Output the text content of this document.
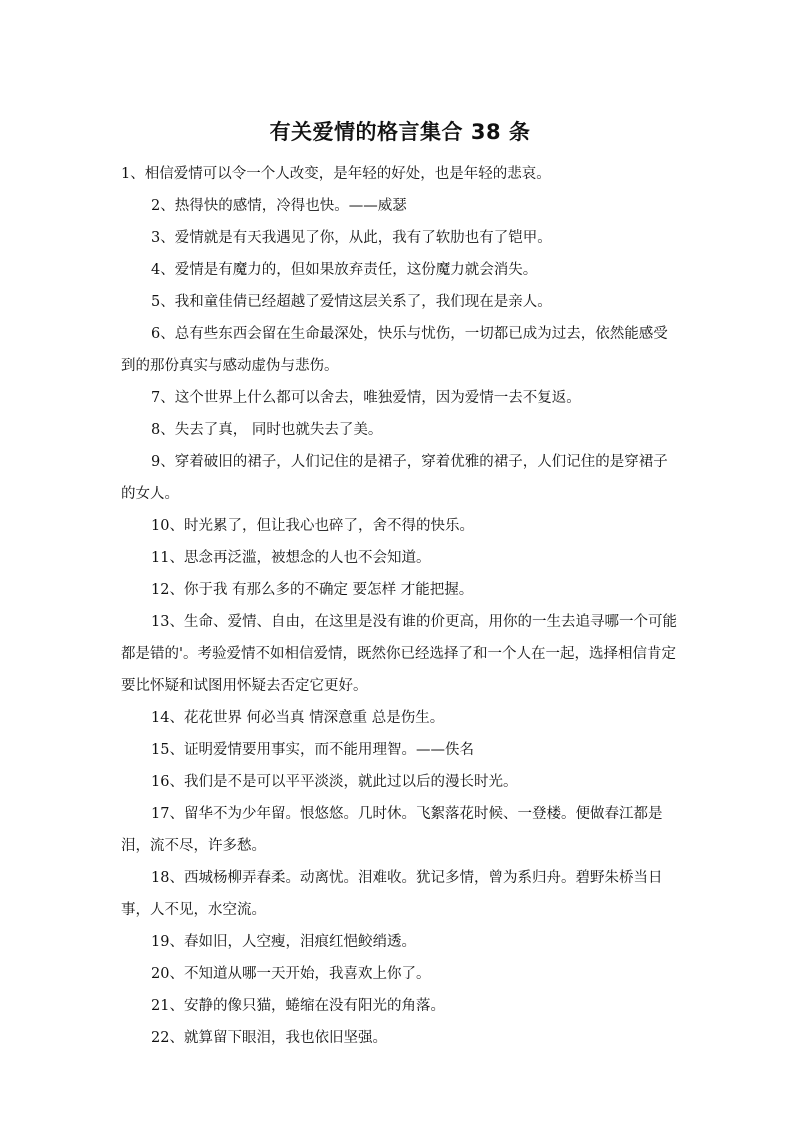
有关爱情的格言集合 38 条

1、相信爱情可以令一个人改变，是年轻的好处，也是年轻的悲哀。

2、热得快的感情，冷得也快。——威瑟

3、爱情就是有天我遇见了你，从此，我有了软肋也有了铠甲。

4、爱情是有魔力的，但如果放弃责任，这份魔力就会消失。

5、我和童佳倩已经超越了爱情这层关系了，我们现在是亲人。

6、总有些东西会留在生命最深处，快乐与忧伤，一切都已成为过去，依然能感受到的那份真实与感动虚伪与悲伤。

7、这个世界上什么都可以舍去，唯独爱情，因为爱情一去不复返。

8、失去了真， 同时也就失去了美。

9、穿着破旧的裙子，人们记住的是裙子，穿着优雅的裙子，人们记住的是穿裙子的女人。

10、时光累了，但让我心也碎了，舍不得的快乐。

11、思念再泛滥，被想念的人也不会知道。

12、你于我 有那么多的不确定 要怎样 才能把握。

13、生命、爱情、自由，在这里是没有谁的价更高，用你的一生去追寻哪一个可能都是错的'。考验爱情不如相信爱情，既然你已经选择了和一个人在一起，选择相信肯定要比怀疑和试图用怀疑去否定它更好。

14、花花世界 何必当真 情深意重 总是伤生。

15、证明爱情要用事实，而不能用理智。——佚名

16、我们是不是可以平平淡淡，就此过以后的漫长时光。

17、留华不为少年留。恨悠悠。几时休。飞絮落花时候、一登楼。便做春江都是泪，流不尽，许多愁。

18、西城杨柳弄春柔。动离忧。泪难收。犹记多情，曾为系归舟。碧野朱桥当日事，人不见，水空流。

19、春如旧，人空瘦，泪痕红悒鲛绡透。

20、不知道从哪一天开始，我喜欢上你了。

21、安静的像只猫，蜷缩在没有阳光的角落。

22、就算留下眼泪，我也依旧坚强。
